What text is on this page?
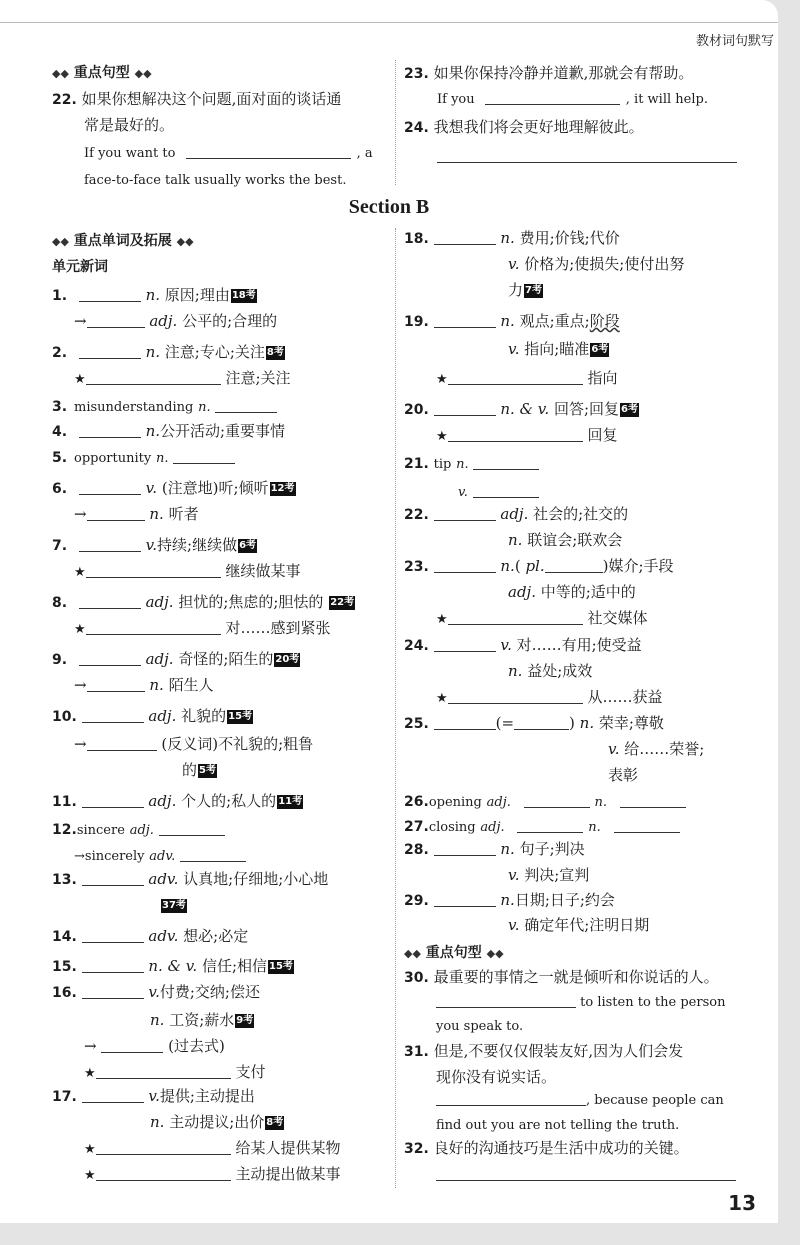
教材词句默写
◆◆ 重点句型 ◆◆
22. 如果你想解决这个问题,面对面的谈话通
常是最好的。
If you want to	, a
face-to-face talk usually works the best.
23. 如果你保持冷静并道歉,那就会有帮助。
If you	, it will help.
24. 我想我们将会更好地理解彼此。
Section B
◆◆ 重点单词及拓展 ◆◆
单元新词
1.	n. 原因;理由 18考
→	adj. 公平的;合理的
2.	n. 注意;专心;关注 8考
★	注意;关注
3. misunderstanding n.
4.	n.公开活动;重要事情
5. opportunity n.
6.	v. (注意地)听;倾听 12考
→	n. 听者
7.	v.持续;继续做 6考
★	继续做某事
8.	adj. 担忧的;焦虑的;胆怯的 22考
★	对……感到紧张
9.	adj. 奇怪的;陌生的 20考
→	n. 陌生人
10.	adj. 礼貌的 15考
→	(反义词)不礼貌的;粗鲁
的 5考
11.	adj. 个人的;私人的 11考
12.sincere adj.
→sincerely adv.
13.	adv. 认真地;仔细地;小心地
37考
14.	adv. 想必;必定
15.	n. & v. 信任;相信 15考
16.	v.付费;交纳;偿还
n. 工资;薪水 9考
→	(过去式)
★	支付
17.	v.提供;主动提出
n. 主动提议;出价 8考
★	给某人提供某物
★	主动提出做某事
18.	n. 费用;价钱;代价
v. 价格为;使损失;使付出努
力 7考
19.	n. 观点;重点;阶段
v. 指向;瞄准 6考
★	指向
20.	n. & v. 回答;回复 6考
★	回复
21. tip n.
v.
22.	adj. 社会的;社交的
n. 联谊会;联欢会
23.	n.( pl.	)媒介;手段
adj. 中等的;适中的
★	社交媒体
24.	v. 对……有用;使受益
n. 益处;成效
★	从……获益
25.	(=	) n. 荣幸;尊敬
v. 给……荣誉;
表彰
26.opening adj.	n.
27.closing adj.	n.
28.	n. 句子;判决
v. 判决;宣判
29.	n.日期;日子;约会
v. 确定年代;注明日期
◆◆ 重点句型 ◆◆
30. 最重要的事情之一就是倾听和你说话的人。
to listen to the person
you speak to.
31. 但是,不要仅仅假装友好,因为人们会发
现你没有说实话。
, because people can
find out you are not telling the truth.
32. 良好的沟通技巧是生活中成功的关键。
13
